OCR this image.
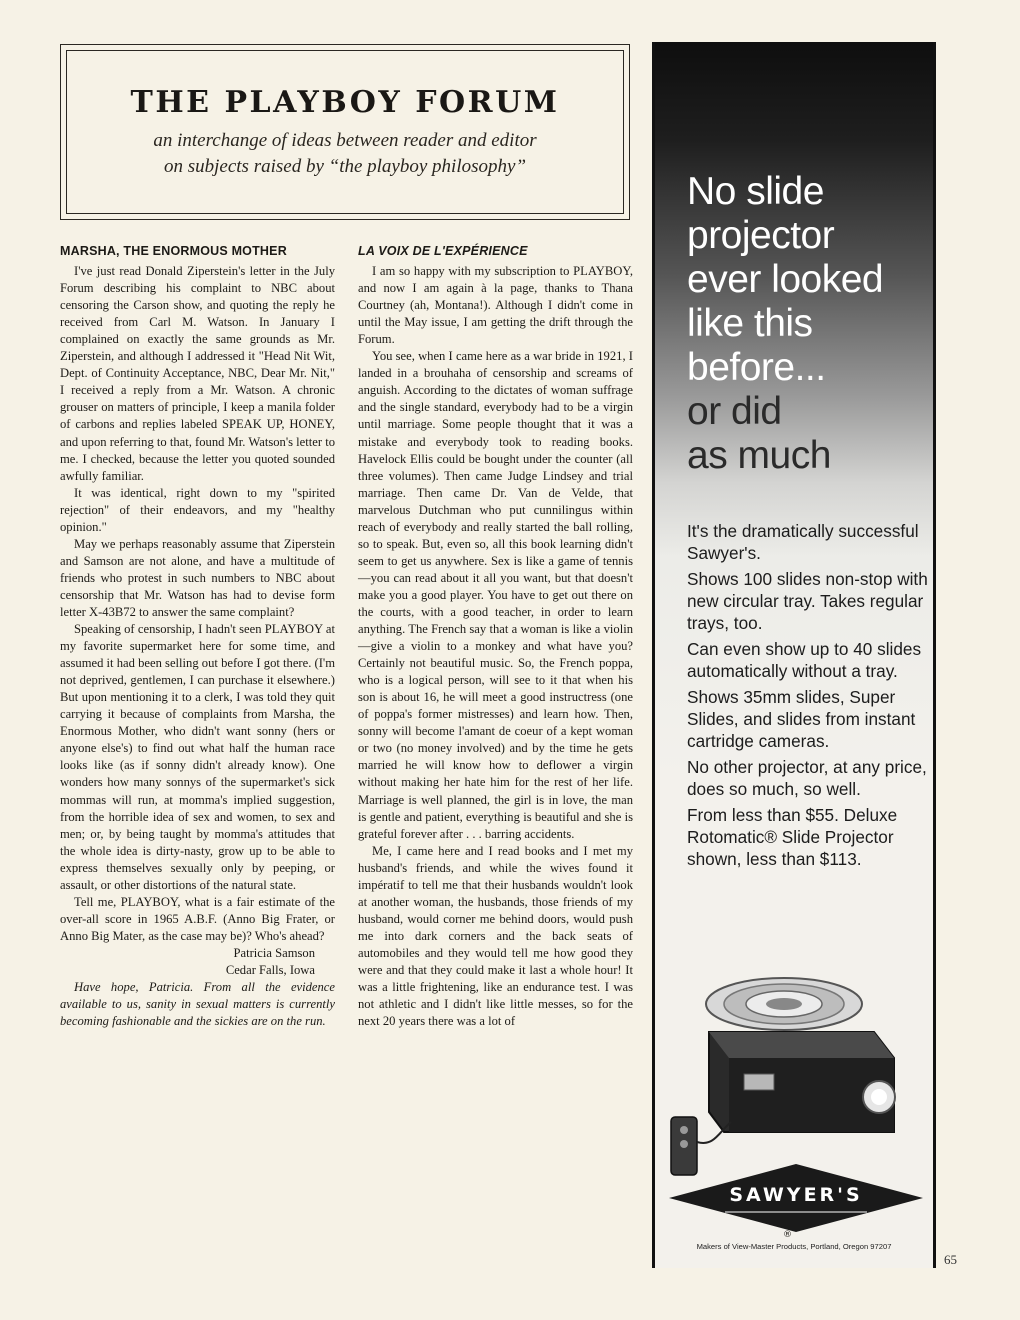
THE PLAYBOY FORUM
an interchange of ideas between reader and editor
on subjects raised by “the playboy philosophy”
MARSHA, THE ENORMOUS MOTHER

I've just read Donald Ziperstein's letter in the July Forum describing his complaint to NBC about censoring the Carson show, and quoting the reply he received from Carl M. Watson. In January I complained on exactly the same grounds as Mr. Ziperstein, and although I addressed it "Head Nit Wit, Dept. of Continuity Acceptance, NBC, Dear Mr. Nit," I received a reply from a Mr. Watson. A chronic grouser on matters of principle, I keep a manila folder of carbons and replies labeled SPEAK UP, HONEY, and upon referring to that, found Mr. Watson's letter to me. I checked, because the letter you quoted sounded awfully familiar.

It was identical, right down to my "spirited rejection" of their endeavors, and my "healthy opinion."

May we perhaps reasonably assume that Ziperstein and Samson are not alone, and have a multitude of friends who protest in such numbers to NBC about censorship that Mr. Watson has had to devise form letter X-43B72 to answer the same complaint?

Speaking of censorship, I hadn't seen PLAYBOY at my favorite supermarket here for some time, and assumed it had been selling out before I got there. (I'm not deprived, gentlemen, I can purchase it elsewhere.) But upon mentioning it to a clerk, I was told they quit carrying it because of complaints from Marsha, the Enormous Mother, who didn't want sonny (hers or anyone else's) to find out what half the human race looks like (as if sonny didn't already know). One wonders how many sonnys of the supermarket's sick mommas will run, at momma's implied suggestion, from the horrible idea of sex and women, to sex and men; or, by being taught by momma's attitudes that the whole idea is dirty-nasty, grow up to be able to express themselves sexually only by peeping, or assault, or other distortions of the natural state.

Tell me, PLAYBOY, what is a fair estimate of the over-all score in 1965 A.B.F. (Anno Big Frater, or Anno Big Mater, as the case may be)? Who's ahead?

Patricia Samson

Cedar Falls, Iowa

Have hope, Patricia. From all the evidence available to us, sanity in sexual matters is currently becoming fashionable and the sickies are on the run.

LA VOIX DE L'EXPÉRIENCE

I am so happy with my subscription to PLAYBOY, and now I am again à la page, thanks to Thana Courtney (ah, Montana!). Although I didn't come in until the May issue, I am getting the drift through the Forum.

You see, when I came here as a war bride in 1921, I landed in a brouhaha of censorship and screams of anguish. According to the dictates of woman suffrage and the single standard, everybody had to be a virgin until marriage. Some people thought that it was a mistake and everybody took to reading books. Havelock Ellis could be bought under the counter (all three volumes). Then came Judge Lindsey and trial marriage. Then came Dr. Van de Velde, that marvelous Dutchman who put cunnilingus within reach of everybody and really started the ball rolling, so to speak. But, even so, all this book learning didn't seem to get us anywhere. Sex is like a game of tennis—you can read about it all you want, but that doesn't make you a good player. You have to get out there on the courts, with a good teacher, in order to learn anything. The French say that a woman is like a violin—give a violin to a monkey and what have you? Certainly not beautiful music. So, the French poppa, who is a logical person, will see to it that when his son is about 16, he will meet a good instructress (one of poppa's former mistresses) and learn how. Then, sonny will become l'amant de coeur of a kept woman or two (no money involved) and by the time he gets married he will know how to deflower a virgin without making her hate him for the rest of her life. Marriage is well planned, the girl is in love, the man is gentle and patient, everything is beautiful and she is grateful forever after . . . barring accidents.

Me, I came here and I read books and I met my husband's friends, and while the wives found it impératif to tell me that their husbands wouldn't look at another woman, the husbands, those friends of my husband, would corner me behind doors, would push me into dark corners and the back seats of automobiles and they would tell me how good they were and that they could make it last a whole hour! It was a little frightening, like an endurance test. I was not athletic and I didn't like little messes, so for the next 20 years there was a lot of

No slide
projector
ever looked
like this
before...
or did
as much

It's the dramatically successful Sawyer's.

Shows 100 slides non-stop with new circular tray. Takes regular trays, too.

Can even show up to 40 slides automatically without a tray.

Shows 35mm slides, Super Slides, and slides from instant cartridge cameras.

No other projector, at any price, does so much, so well.

From less than $55. Deluxe Rotomatic® Slide Projector shown, less than $113.

SAWYER'S
®
Makers of View-Master Products, Portland, Oregon 97207
65
